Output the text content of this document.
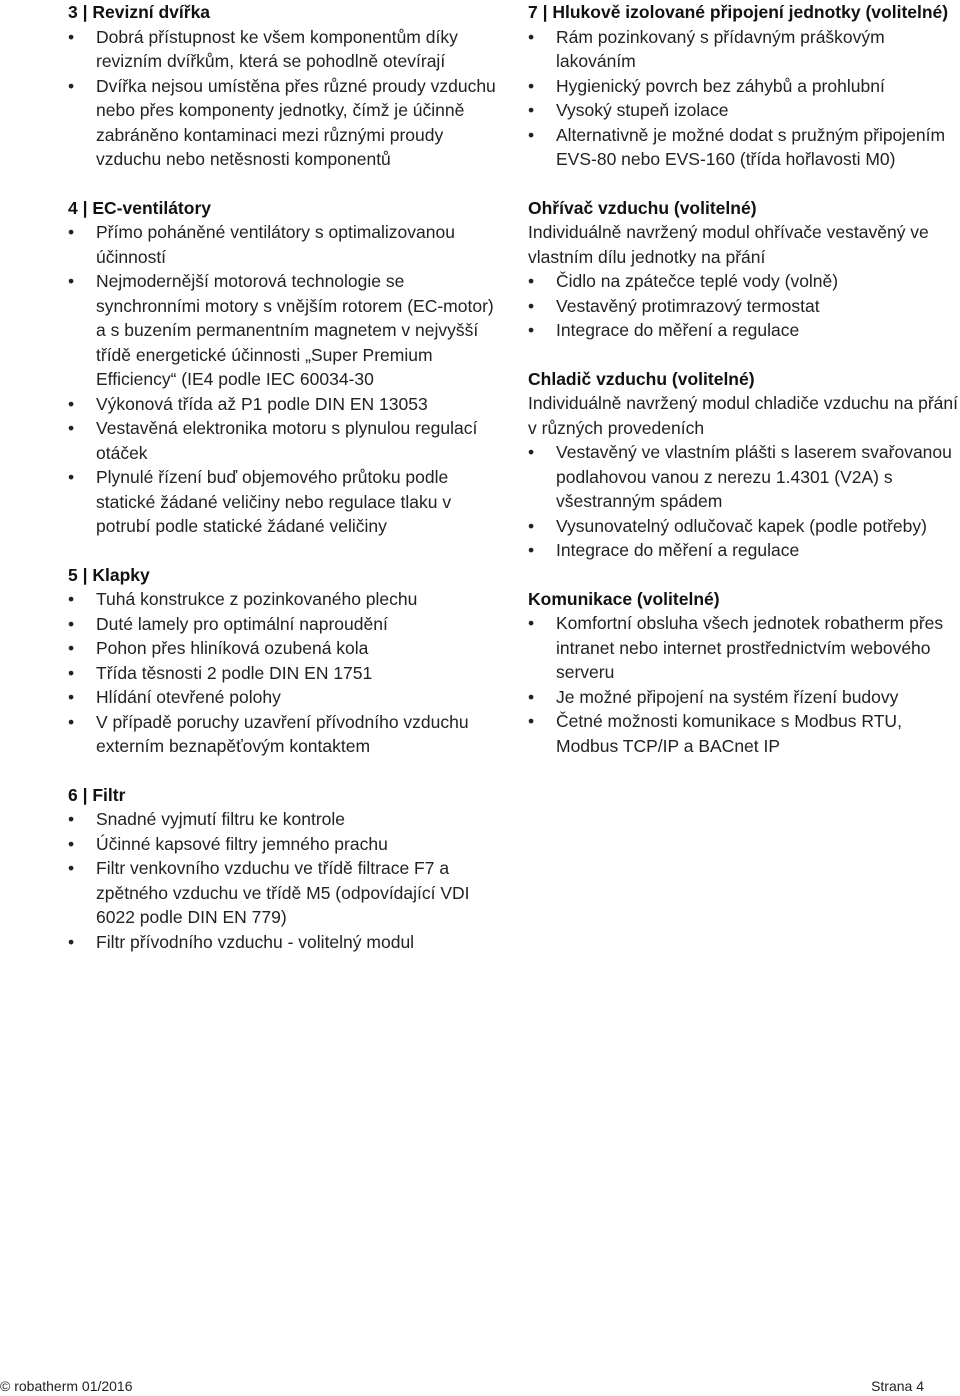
3 | Revizní dvířka
• Dobrá přístupnost ke všem komponentům díky revizním dvířkům, která se pohodlně otevírají
• Dvířka nejsou umístěna přes různé proudy vzduchu nebo přes komponenty jednotky, čímž je účinně zabráněno kontaminaci mezi různými proudy vzduchu nebo netěsnosti komponentů
4 | EC-ventilátory
• Přímo poháněné ventilátory s optimalizovanou účinností
• Nejmodernější motorová technologie se synchronními motory s vnějším rotorem (EC-motor) a s buzením permanentním magnetem v nejvyšší třídě energetické účinnosti „Super Premium Efficiency“ (IE4 podle IEC 60034-30
• Výkonová třída až P1 podle DIN EN 13053
• Vestavěná elektronika motoru s plynulou regulací otáček
• Plynulé řízení buď objemového průtoku podle statické žádané veličiny nebo regulace tlaku v potrubí podle statické žádané veličiny
5 | Klapky
• Tuhá konstrukce z pozinkovaného plechu
• Duté lamely pro optimální naproudění
• Pohon přes hliníková ozubená kola
• Třída těsnosti 2 podle DIN EN 1751
• Hlídání otevřené polohy
• V případě poruchy uzavření přívodního vzduchu externím beznapěťovým kontaktem
6 | Filtr
• Snadné vyjmutí filtru ke kontrole
• Účinné kapsové filtry jemného prachu
• Filtr venkovního vzduchu ve třídě filtrace F7 a zpětného vzduchu ve třídě M5 (odpovídající VDI 6022 podle DIN EN 779)
• Filtr přívodního vzduchu - volitelný modul
7 | Hlukově izolované připojení jednotky (volitelné)
• Rám pozinkovaný s přídavným práškovým lakováním
• Hygienický povrch bez záhybů a prohlubní
• Vysoký stupeň izolace
• Alternativně je možné dodat s pružným připojením EVS-80 nebo EVS-160 (třída hořlavosti M0)
Ohřívač vzduchu (volitelné)
Individuálně navržený modul ohřívače vestavěný ve vlastním dílu jednotky na přání
• Čidlo na zpátečce teplé vody (volně)
• Vestavěný protimrazový termostat
• Integrace do měření a regulace
Chladič vzduchu (volitelné)
Individuálně navržený modul chladiče vzduchu na přání v různých provedeních
• Vestavěný ve vlastním plášti s laserem svařovanou podlahovou vanou z nerezu 1.4301 (V2A) s všestranným spádem
• Vysunovatelný odlučovač kapek (podle potřeby)
• Integrace do měření a regulace
Komunikace (volitelné)
• Komfortní obsluha všech jednotek robatherm přes intranet nebo internet prostřednictvím webového serveru
• Je možné připojení na systém řízení budovy
• Četné možnosti komunikace s Modbus RTU, Modbus TCP/IP a BACnet IP
© robatherm 01/2016	Strana 4
